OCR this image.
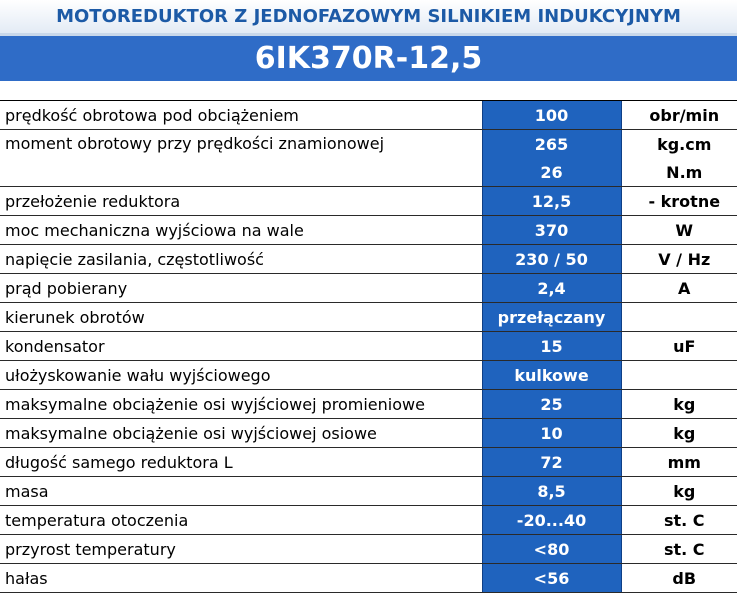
MOTOREDUKTOR Z JEDNOFAZOWYM SILNIKIEM INDUKCYJNYM
6IK370R-12,5
prędkość obrotowa pod obciążeniem	100	obr/min
moment obrotowy przy prędkości znamionowej	265	kg.cm
	26	N.m
przełożenie reduktora	12,5	- krotne
moc mechaniczna wyjściowa na wale	370	W
napięcie zasilania, częstotliwość	230 / 50	V / Hz
prąd pobierany	2,4	A
kierunek obrotów	przełączany	
kondensator	15	uF
ułożyskowanie wału wyjściowego	kulkowe	
maksymalne obciążenie osi wyjściowej promieniowe	25	kg
maksymalne obciążenie osi wyjściowej osiowe	10	kg
długość samego reduktora L	72	mm
masa	8,5	kg
temperatura otoczenia	-20...40	st. C
przyrost temperatury	<80	st. C
hałas	<56	dB
